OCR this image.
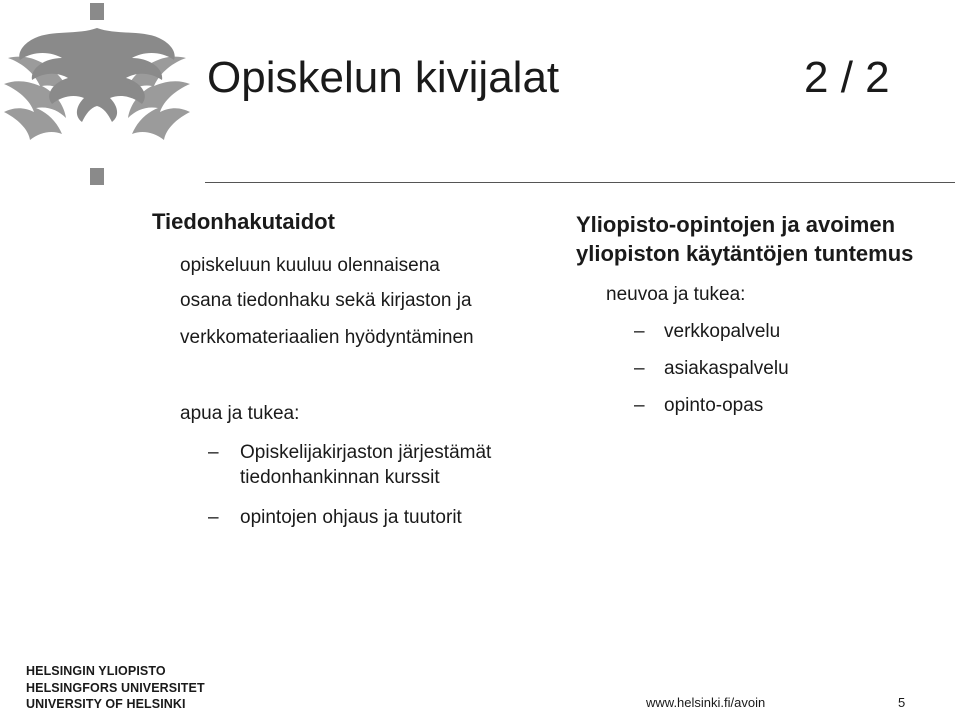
Opiskelun kivijalat	2 / 2
Tiedonhakutaidot
opiskeluun kuuluu olennaisena
osana tiedonhaku sekä kirjaston ja
verkkomateriaalien hyödyntäminen
apua ja tukea:
– Opiskelijakirjaston järjestämät
tiedonhankinnan kurssit
– opintojen ohjaus ja tuutorit
Yliopisto-opintojen ja avoimen
yliopiston käytäntöjen tuntemus
neuvoa ja tukea:
– verkkopalvelu
– asiakaspalvelu
– opinto-opas
HELSINGIN YLIOPISTO
HELSINGFORS UNIVERSITET
UNIVERSITY OF HELSINKI	www.helsinki.fi/avoin	5
